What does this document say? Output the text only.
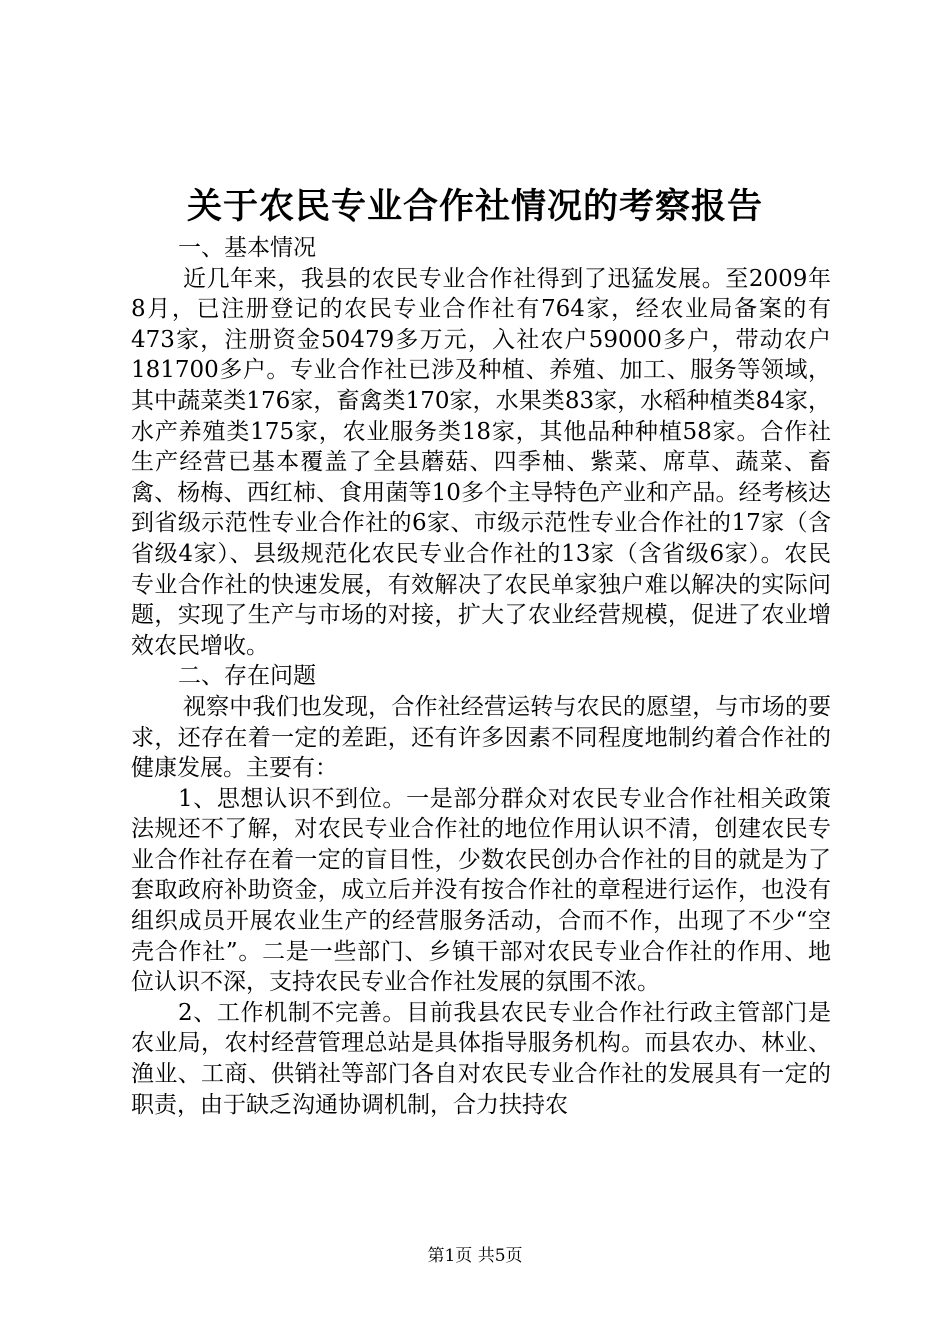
关于农民专业合作社情况的考察报告

一、基本情况

近几年来，我县的农民专业合作社得到了迅猛发展。至2009年8月，已注册登记的农民专业合作社有764家，经农业局备案的有473家，注册资金50479多万元，入社农户59000多户，带动农户181700多户。专业合作社已涉及种植、养殖、加工、服务等领域，其中蔬菜类176家，畜禽类170家，水果类83家，水稻种植类84家，水产养殖类175家，农业服务类18家，其他品种种植58家。合作社生产经营已基本覆盖了全县蘑菇、四季柚、紫菜、席草、蔬菜、畜禽、杨梅、西红柿、食用菌等10多个主导特色产业和产品。经考核达到省级示范性专业合作社的6家、市级示范性专业合作社的17家（含省级4家）、县级规范化农民专业合作社的13家（含省级6家）。农民专业合作社的快速发展，有效解决了农民单家独户难以解决的实际问题，实现了生产与市场的对接，扩大了农业经营规模，促进了农业增效农民增收。

二、存在问题

视察中我们也发现，合作社经营运转与农民的愿望，与市场的要求，还存在着一定的差距，还有许多因素不同程度地制约着合作社的健康发展。主要有：

1、思想认识不到位。一是部分群众对农民专业合作社相关政策法规还不了解，对农民专业合作社的地位作用认识不清，创建农民专业合作社存在着一定的盲目性，少数农民创办合作社的目的就是为了套取政府补助资金，成立后并没有按合作社的章程进行运作，也没有组织成员开展农业生产的经营服务活动，合而不作，出现了不少“空壳合作社”。二是一些部门、乡镇干部对农民专业合作社的作用、地位认识不深，支持农民专业合作社发展的氛围不浓。

2、工作机制不完善。目前我县农民专业合作社行政主管部门是农业局，农村经营管理总站是具体指导服务机构。而县农办、林业、渔业、工商、供销社等部门各自对农民专业合作社的发展具有一定的职责，由于缺乏沟通协调机制，合力扶持农

第1页 共5页
